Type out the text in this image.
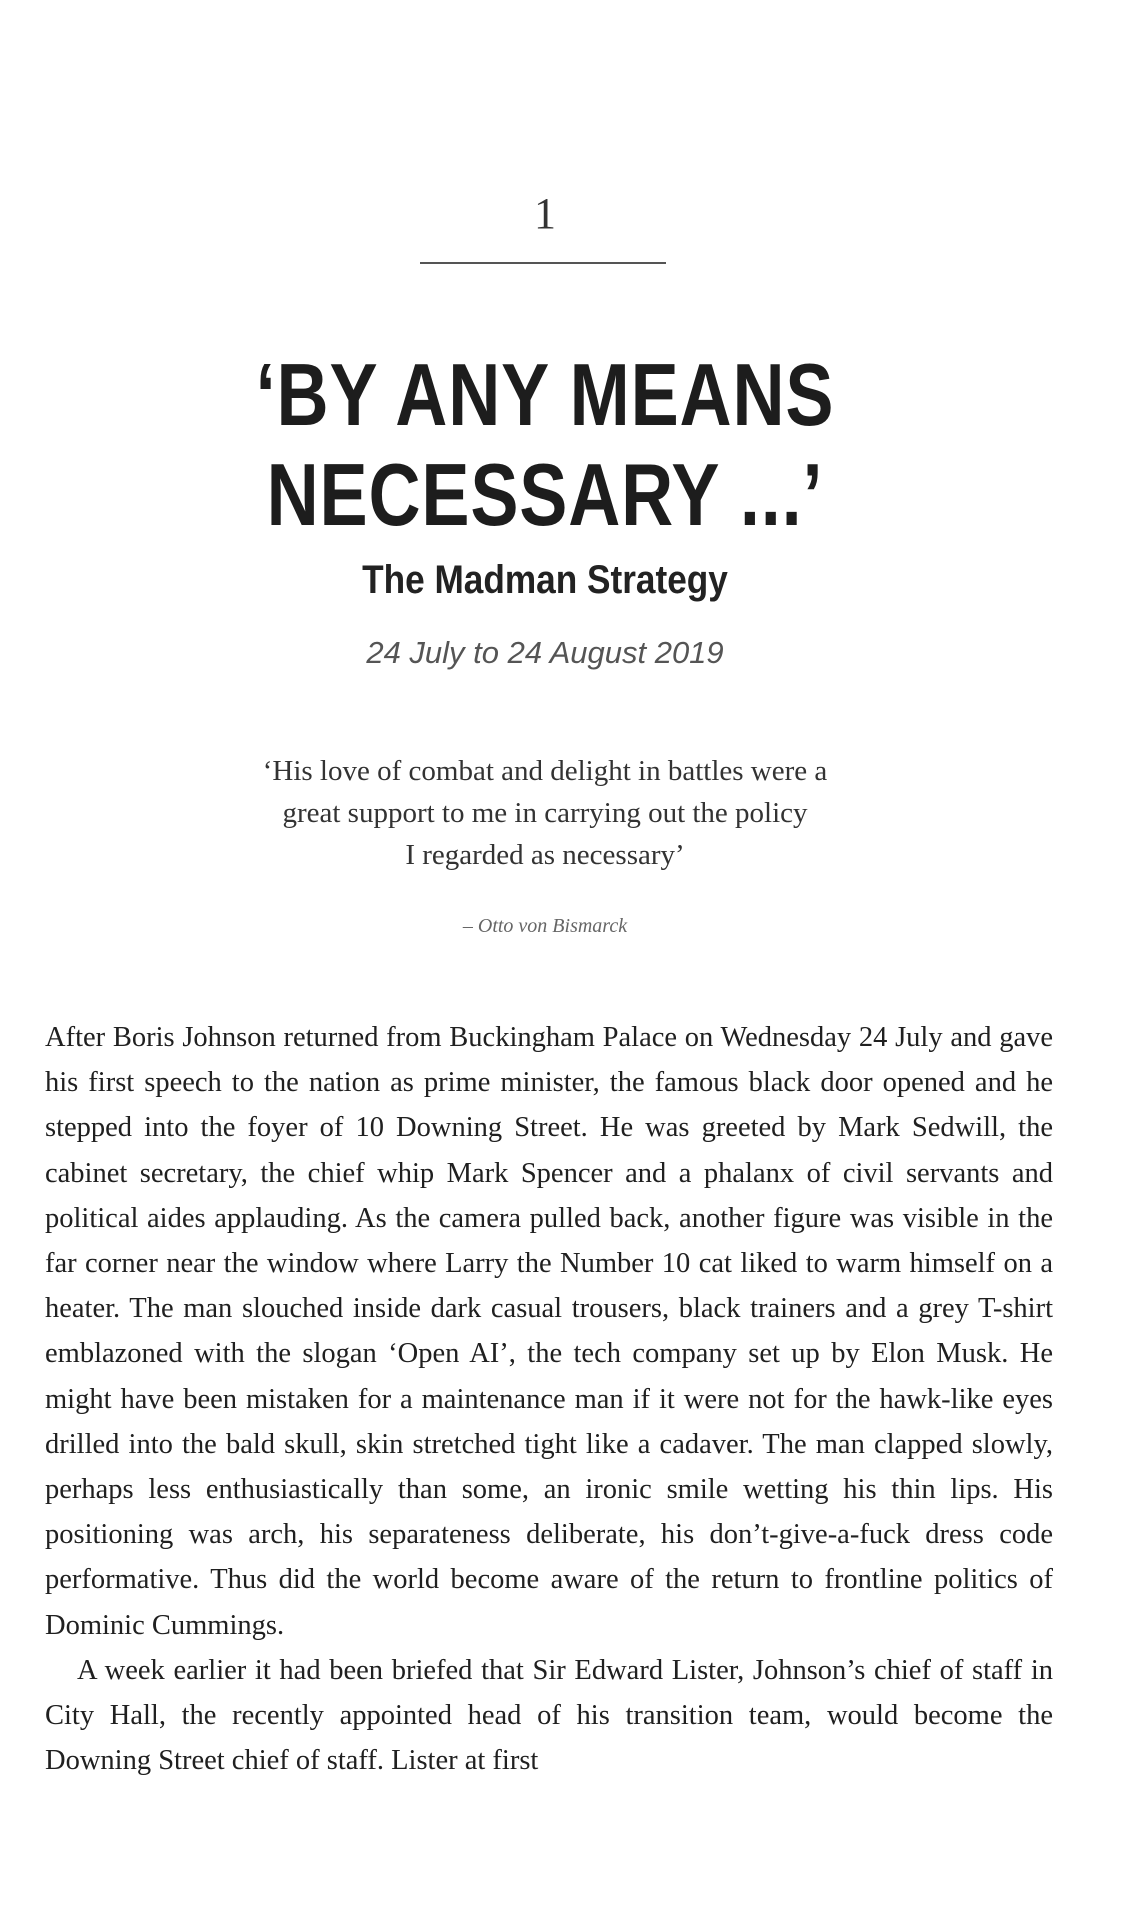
1
‘BY ANY MEANS
NECESSARY ...’
The Madman Strategy
24 July to 24 August 2019
‘His love of combat and delight in battles were a
great support to me in carrying out the policy
I regarded as necessary’
– Otto von Bismarck

After Boris Johnson returned from Buckingham Palace on Wednesday 24 July and gave his first speech to the nation as prime minister, the famous black door opened and he stepped into the foyer of 10 Downing Street. He was greeted by Mark Sedwill, the cabinet secretary, the chief whip Mark Spencer and a phalanx of civil servants and political aides applauding. As the camera pulled back, another figure was visible in the far corner near the window where Larry the Number 10 cat liked to warm himself on a heater. The man slouched inside dark casual trousers, black trainers and a grey T-shirt emblazoned with the slogan ‘Open AI’, the tech company set up by Elon Musk. He might have been mistaken for a maintenance man if it were not for the hawk-like eyes drilled into the bald skull, skin stretched tight like a cadaver. The man clapped slowly, perhaps less enthusiastically than some, an ironic smile wetting his thin lips. His positioning was arch, his separateness deliberate, his don’t-give-a-fuck dress code performative. Thus did the world become aware of the return to frontline politics of Dominic Cummings.

A week earlier it had been briefed that Sir Edward Lister, Johnson’s chief of staff in City Hall, the recently appointed head of his transition team, would become the Downing Street chief of staff. Lister at first
